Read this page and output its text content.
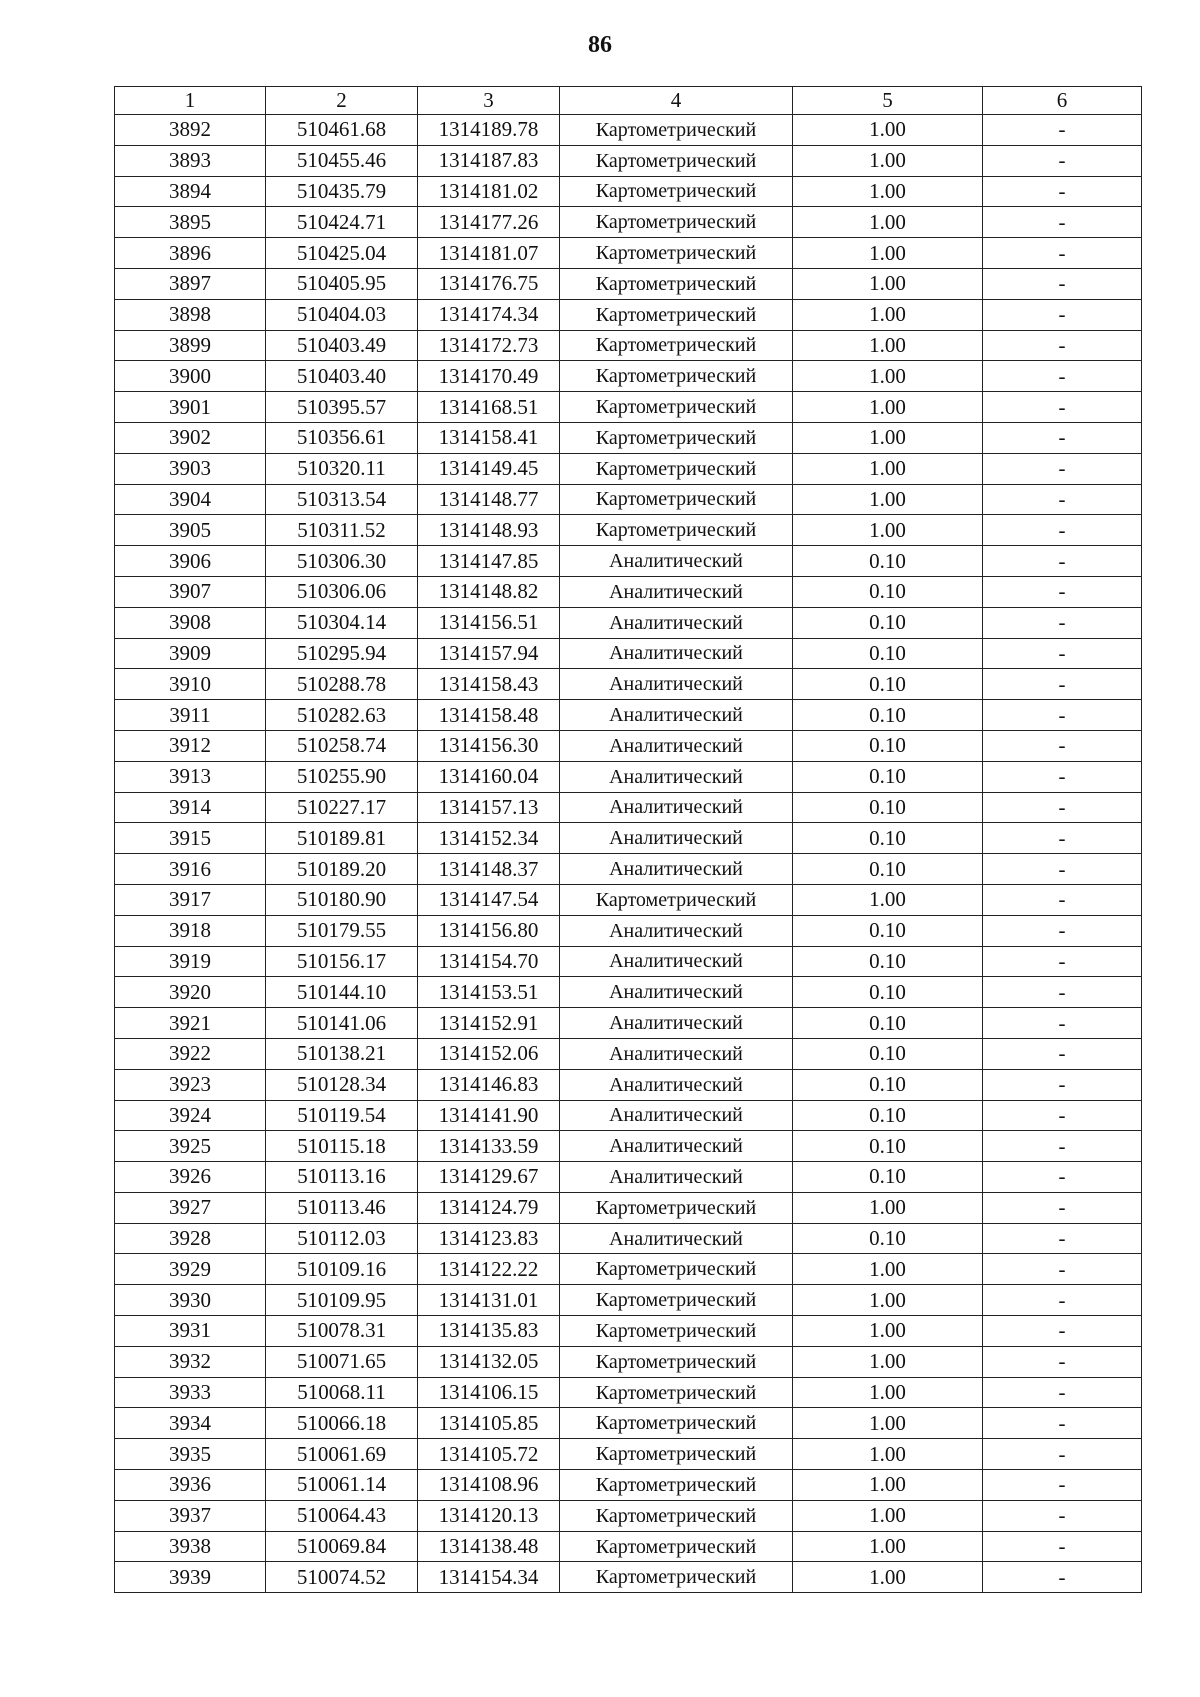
86
1	2	3	4	5	6
3892	510461.68	1314189.78	Картометрический	1.00	-
3893	510455.46	1314187.83	Картометрический	1.00	-
3894	510435.79	1314181.02	Картометрический	1.00	-
3895	510424.71	1314177.26	Картометрический	1.00	-
3896	510425.04	1314181.07	Картометрический	1.00	-
3897	510405.95	1314176.75	Картометрический	1.00	-
3898	510404.03	1314174.34	Картометрический	1.00	-
3899	510403.49	1314172.73	Картометрический	1.00	-
3900	510403.40	1314170.49	Картометрический	1.00	-
3901	510395.57	1314168.51	Картометрический	1.00	-
3902	510356.61	1314158.41	Картометрический	1.00	-
3903	510320.11	1314149.45	Картометрический	1.00	-
3904	510313.54	1314148.77	Картометрический	1.00	-
3905	510311.52	1314148.93	Картометрический	1.00	-
3906	510306.30	1314147.85	Аналитический	0.10	-
3907	510306.06	1314148.82	Аналитический	0.10	-
3908	510304.14	1314156.51	Аналитический	0.10	-
3909	510295.94	1314157.94	Аналитический	0.10	-
3910	510288.78	1314158.43	Аналитический	0.10	-
3911	510282.63	1314158.48	Аналитический	0.10	-
3912	510258.74	1314156.30	Аналитический	0.10	-
3913	510255.90	1314160.04	Аналитический	0.10	-
3914	510227.17	1314157.13	Аналитический	0.10	-
3915	510189.81	1314152.34	Аналитический	0.10	-
3916	510189.20	1314148.37	Аналитический	0.10	-
3917	510180.90	1314147.54	Картометрический	1.00	-
3918	510179.55	1314156.80	Аналитический	0.10	-
3919	510156.17	1314154.70	Аналитический	0.10	-
3920	510144.10	1314153.51	Аналитический	0.10	-
3921	510141.06	1314152.91	Аналитический	0.10	-
3922	510138.21	1314152.06	Аналитический	0.10	-
3923	510128.34	1314146.83	Аналитический	0.10	-
3924	510119.54	1314141.90	Аналитический	0.10	-
3925	510115.18	1314133.59	Аналитический	0.10	-
3926	510113.16	1314129.67	Аналитический	0.10	-
3927	510113.46	1314124.79	Картометрический	1.00	-
3928	510112.03	1314123.83	Аналитический	0.10	-
3929	510109.16	1314122.22	Картометрический	1.00	-
3930	510109.95	1314131.01	Картометрический	1.00	-
3931	510078.31	1314135.83	Картометрический	1.00	-
3932	510071.65	1314132.05	Картометрический	1.00	-
3933	510068.11	1314106.15	Картометрический	1.00	-
3934	510066.18	1314105.85	Картометрический	1.00	-
3935	510061.69	1314105.72	Картометрический	1.00	-
3936	510061.14	1314108.96	Картометрический	1.00	-
3937	510064.43	1314120.13	Картометрический	1.00	-
3938	510069.84	1314138.48	Картометрический	1.00	-
3939	510074.52	1314154.34	Картометрический	1.00	-
